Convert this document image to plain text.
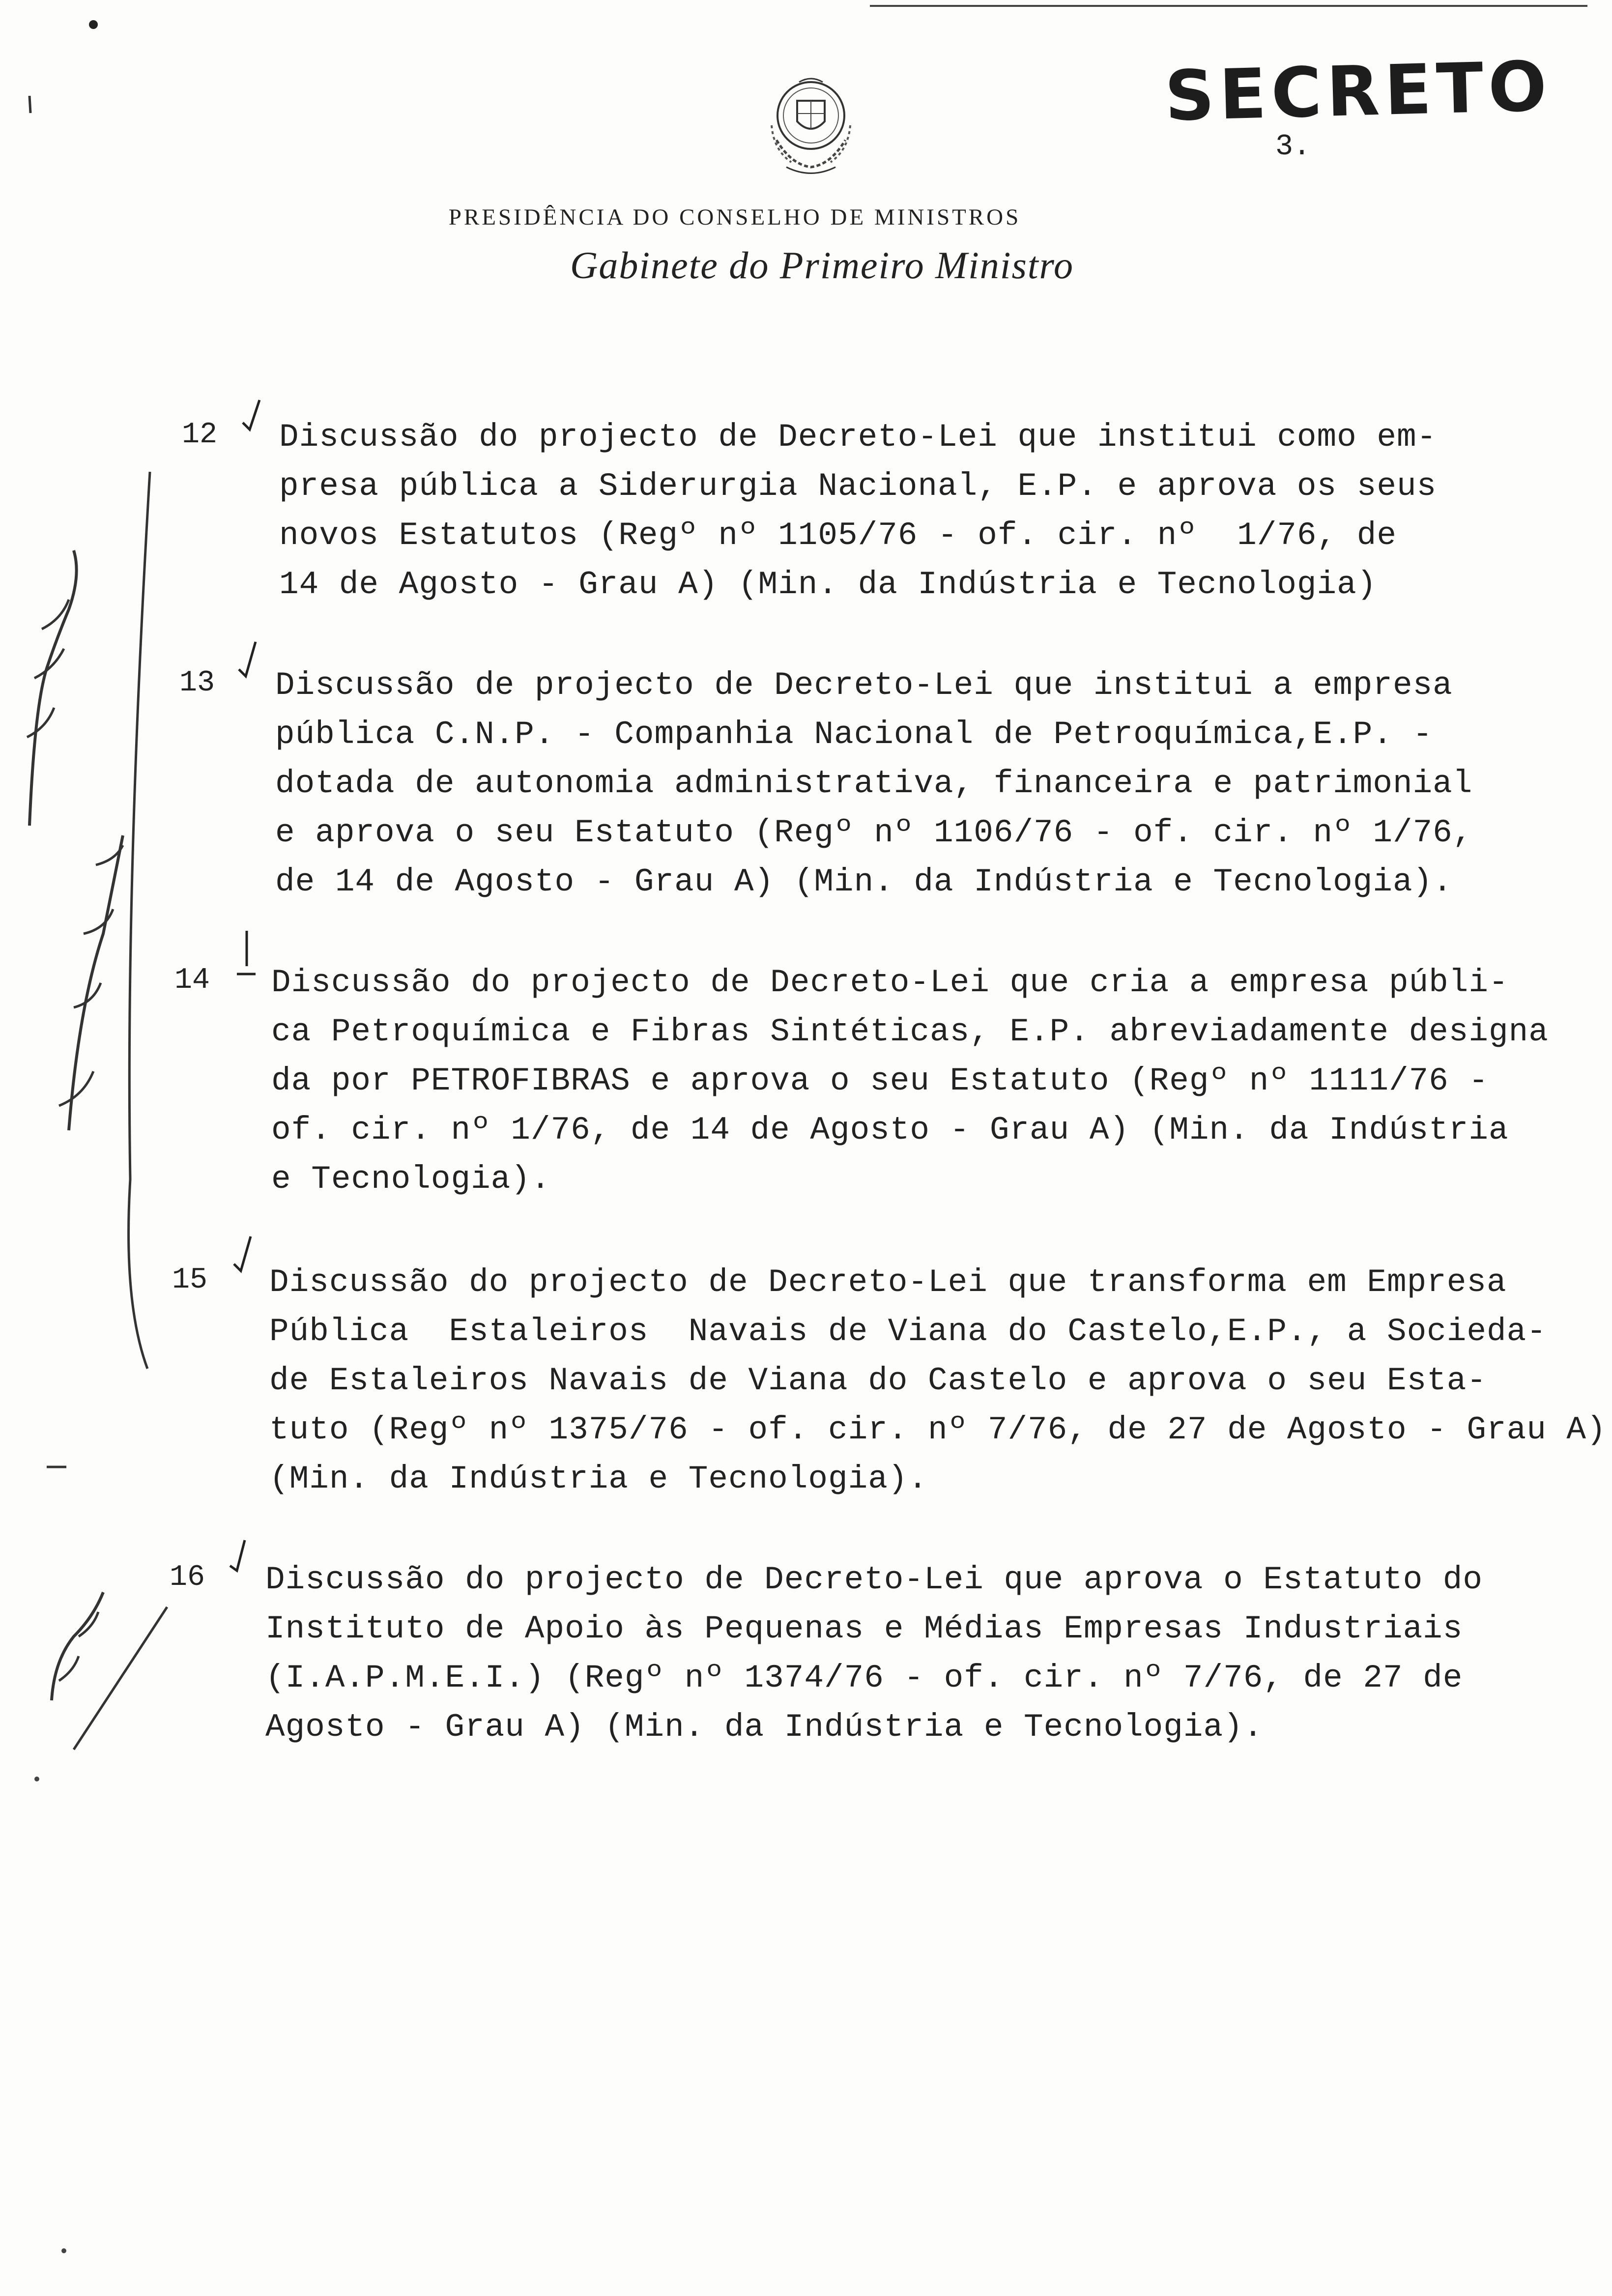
SECRETO
3.
PRESIDÊNCIA DO CONSELHO DE MINISTROS
Gabinete do Primeiro Ministro
12 Discussão do projecto de Decreto-Lei que institui como em-
presa pública a Siderurgia Nacional, E.P. e aprova os seus
novos Estatutos (Regº nº 1105/76 - of. cir. nº  1/76, de
14 de Agosto - Grau A) (Min. da Indústria e Tecnologia)
13 Discussão de projecto de Decreto-Lei que institui a empresa
pública C.N.P. - Companhia Nacional de Petroquímica,E.P. -
dotada de autonomia administrativa, financeira e patrimonial
e aprova o seu Estatuto (Regº nº 1106/76 - of. cir. nº 1/76,
de 14 de Agosto - Grau A) (Min. da Indústria e Tecnologia).
14 Discussão do projecto de Decreto-Lei que cria a empresa públi-
ca Petroquímica e Fibras Sintéticas, E.P. abreviadamente designa
da por PETROFIBRAS e aprova o seu Estatuto (Regº nº 1111/76 -
of. cir. nº 1/76, de 14 de Agosto - Grau A) (Min. da Indústria
e Tecnologia).
15 Discussão do projecto de Decreto-Lei que transforma em Empresa
Pública  Estaleiros  Navais de Viana do Castelo,E.P., a Socieda-
de Estaleiros Navais de Viana do Castelo e aprova o seu Esta-
tuto (Regº nº 1375/76 - of. cir. nº 7/76, de 27 de Agosto - Grau A)
(Min. da Indústria e Tecnologia).
16 Discussão do projecto de Decreto-Lei que aprova o Estatuto do
Instituto de Apoio às Pequenas e Médias Empresas Industriais
(I.A.P.M.E.I.) (Regº nº 1374/76 - of. cir. nº 7/76, de 27 de
Agosto - Grau A) (Min. da Indústria e Tecnologia).
